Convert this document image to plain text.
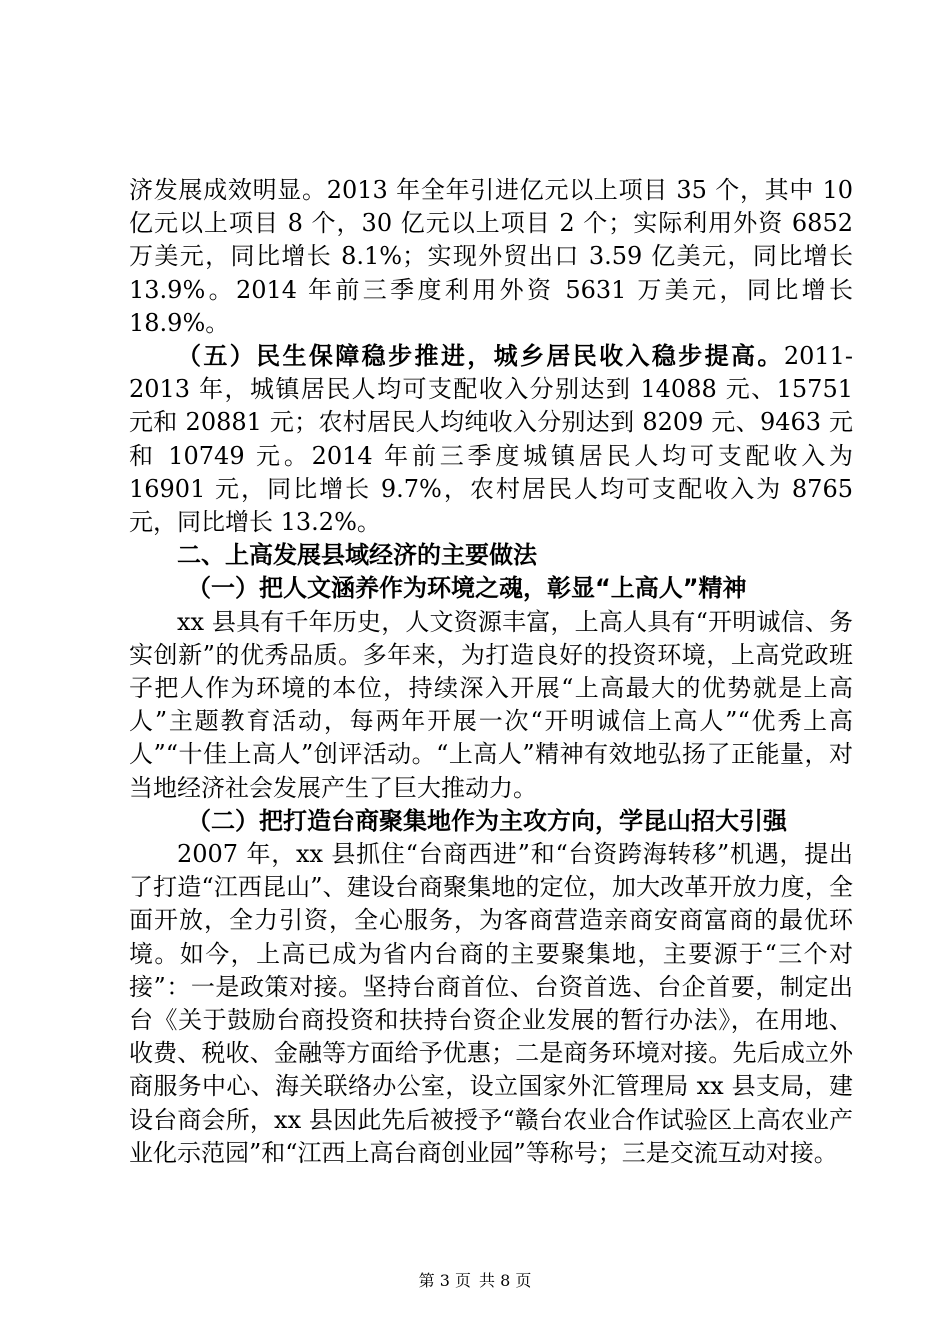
济发展成效明显。2013 年全年引进亿元以上项目 35 个，其中 10 亿元以上项目 8 个，30 亿元以上项目 2 个；实际利用外资 6852 万美元，同比增长 8.1%；实现外贸出口 3.59 亿美元，同比增长 13.9%。2014 年前三季度利用外资 5631 万美元，同比增长 18.9%。

（五）民生保障稳步推进，城乡居民收入稳步提高。2011-2013 年，城镇居民人均可支配收入分别达到 14088 元、15751 元和 20881 元；农村居民人均纯收入分别达到 8209 元、9463 元和 10749 元。2014 年前三季度城镇居民人均可支配收入为 16901 元，同比增长 9.7%，农村居民人均可支配收入为 8765 元，同比增长 13.2%。

二、上高发展县域经济的主要做法

（一）把人文涵养作为环境之魂，彰显“上高人”精神

xx 县具有千年历史，人文资源丰富，上高人具有“开明诚信、务实创新”的优秀品质。多年来，为打造良好的投资环境，上高党政班子把人作为环境的本位，持续深入开展“上高最大的优势就是上高人”主题教育活动，每两年开展一次“开明诚信上高人”“优秀上高人”“十佳上高人”创评活动。“上高人”精神有效地弘扬了正能量，对当地经济社会发展产生了巨大推动力。

（二）把打造台商聚集地作为主攻方向，学昆山招大引强

2007 年，xx 县抓住“台商西进”和“台资跨海转移”机遇，提出了打造“江西昆山”、建设台商聚集地的定位，加大改革开放力度，全面开放，全力引资，全心服务，为客商营造亲商安商富商的最优环境。如今，上高已成为省内台商的主要聚集地，主要源于“三个对接”：一是政策对接。坚持台商首位、台资首选、台企首要，制定出台《关于鼓励台商投资和扶持台资企业发展的暂行办法》，在用地、收费、税收、金融等方面给予优惠；二是商务环境对接。先后成立外商服务中心、海关联络办公室，设立国家外汇管理局 xx 县支局，建设台商会所，xx 县因此先后被授予“赣台农业合作试验区上高农业产业化示范园”和“江西上高台商创业园”等称号；三是交流互动对接。

第 3 页 共 8 页
